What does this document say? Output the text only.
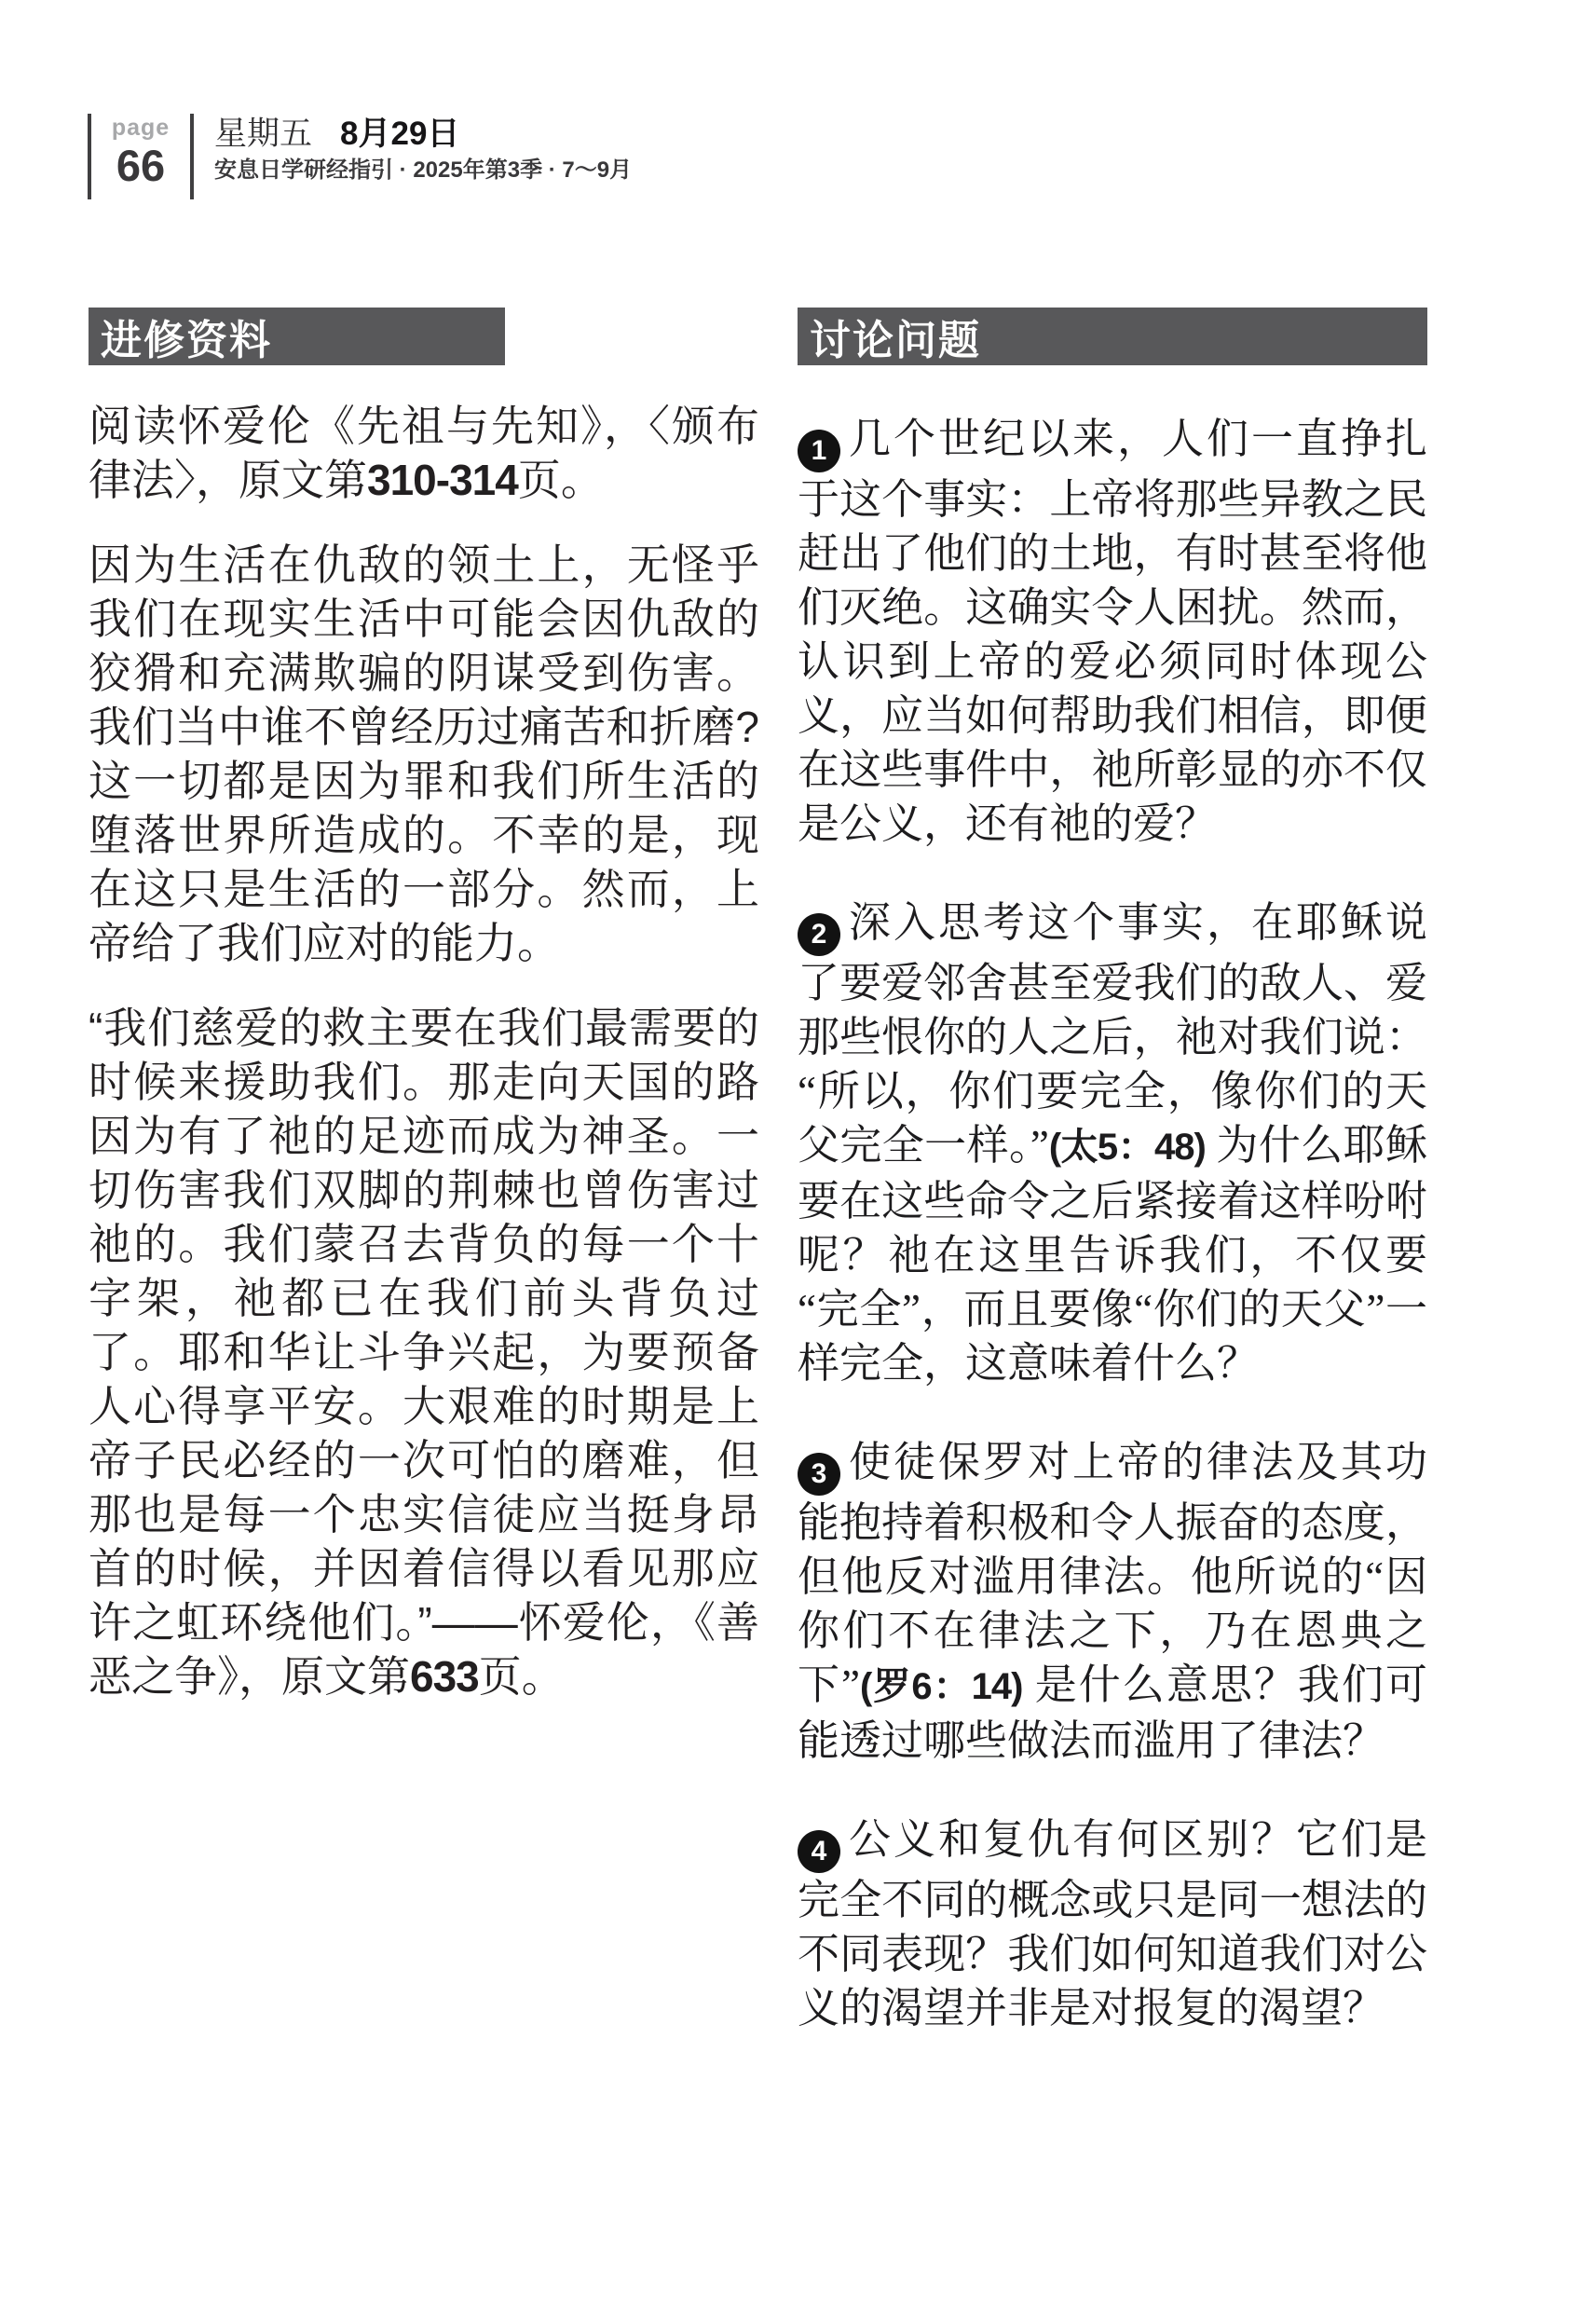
page
66
星期五 8月29日
安息日学研经指引 · 2025年第3季 · 7～9月
进修资料

阅读怀爱伦《先祖与先知》，〈颁布律法〉，原文第310-314页。

因为生活在仇敌的领土上，无怪乎我们在现实生活中可能会因仇敌的狡猾和充满欺骗的阴谋受到伤害。我们当中谁不曾经历过痛苦和折磨?这一切都是因为罪和我们所生活的堕落世界所造成的。不幸的是，现在这只是生活的一部分。然而，上帝给了我们应对的能力。

“我们慈爱的救主要在我们最需要的时候来援助我们。那走向天国的路因为有了祂的足迹而成为神圣。一切伤害我们双脚的荆棘也曾伤害过祂的。我们蒙召去背负的每一个十字架，祂都已在我们前头背负过了。耶和华让斗争兴起，为要预备人心得享平安。大艰难的时期是上帝子民必经的一次可怕的磨难，但那也是每一个忠实信徒应当挺身昂首的时候，并因着信得以看见那应许之虹环绕他们。”——怀爱伦，《善恶之争》，原文第633页。

讨论问题

1 几个世纪以来，人们一直挣扎于这个事实：上帝将那些异教之民赶出了他们的土地，有时甚至将他们灭绝。这确实令人困扰。然而，认识到上帝的爱必须同时体现公义，应当如何帮助我们相信，即便在这些事件中，祂所彰显的亦不仅是公义，还有祂的爱？

2 深入思考这个事实，在耶稣说了要爱邻舍甚至爱我们的敌人、爱那些恨你的人之后，祂对我们说：“所以，你们要完全，像你们的天父完全一样。”(太5：48) 为什么耶稣要在这些命令之后紧接着这样吩咐呢？祂在这里告诉我们，不仅要“完全”，而且要像“你们的天父”一样完全，这意味着什么？

3 使徒保罗对上帝的律法及其功能抱持着积极和令人振奋的态度，但他反对滥用律法。他所说的“因你们不在律法之下，乃在恩典之下”(罗6：14) 是什么意思？我们可能透过哪些做法而滥用了律法？

4 公义和复仇有何区别？它们是完全不同的概念或只是同一想法的不同表现？我们如何知道我们对公义的渴望并非是对报复的渴望？
